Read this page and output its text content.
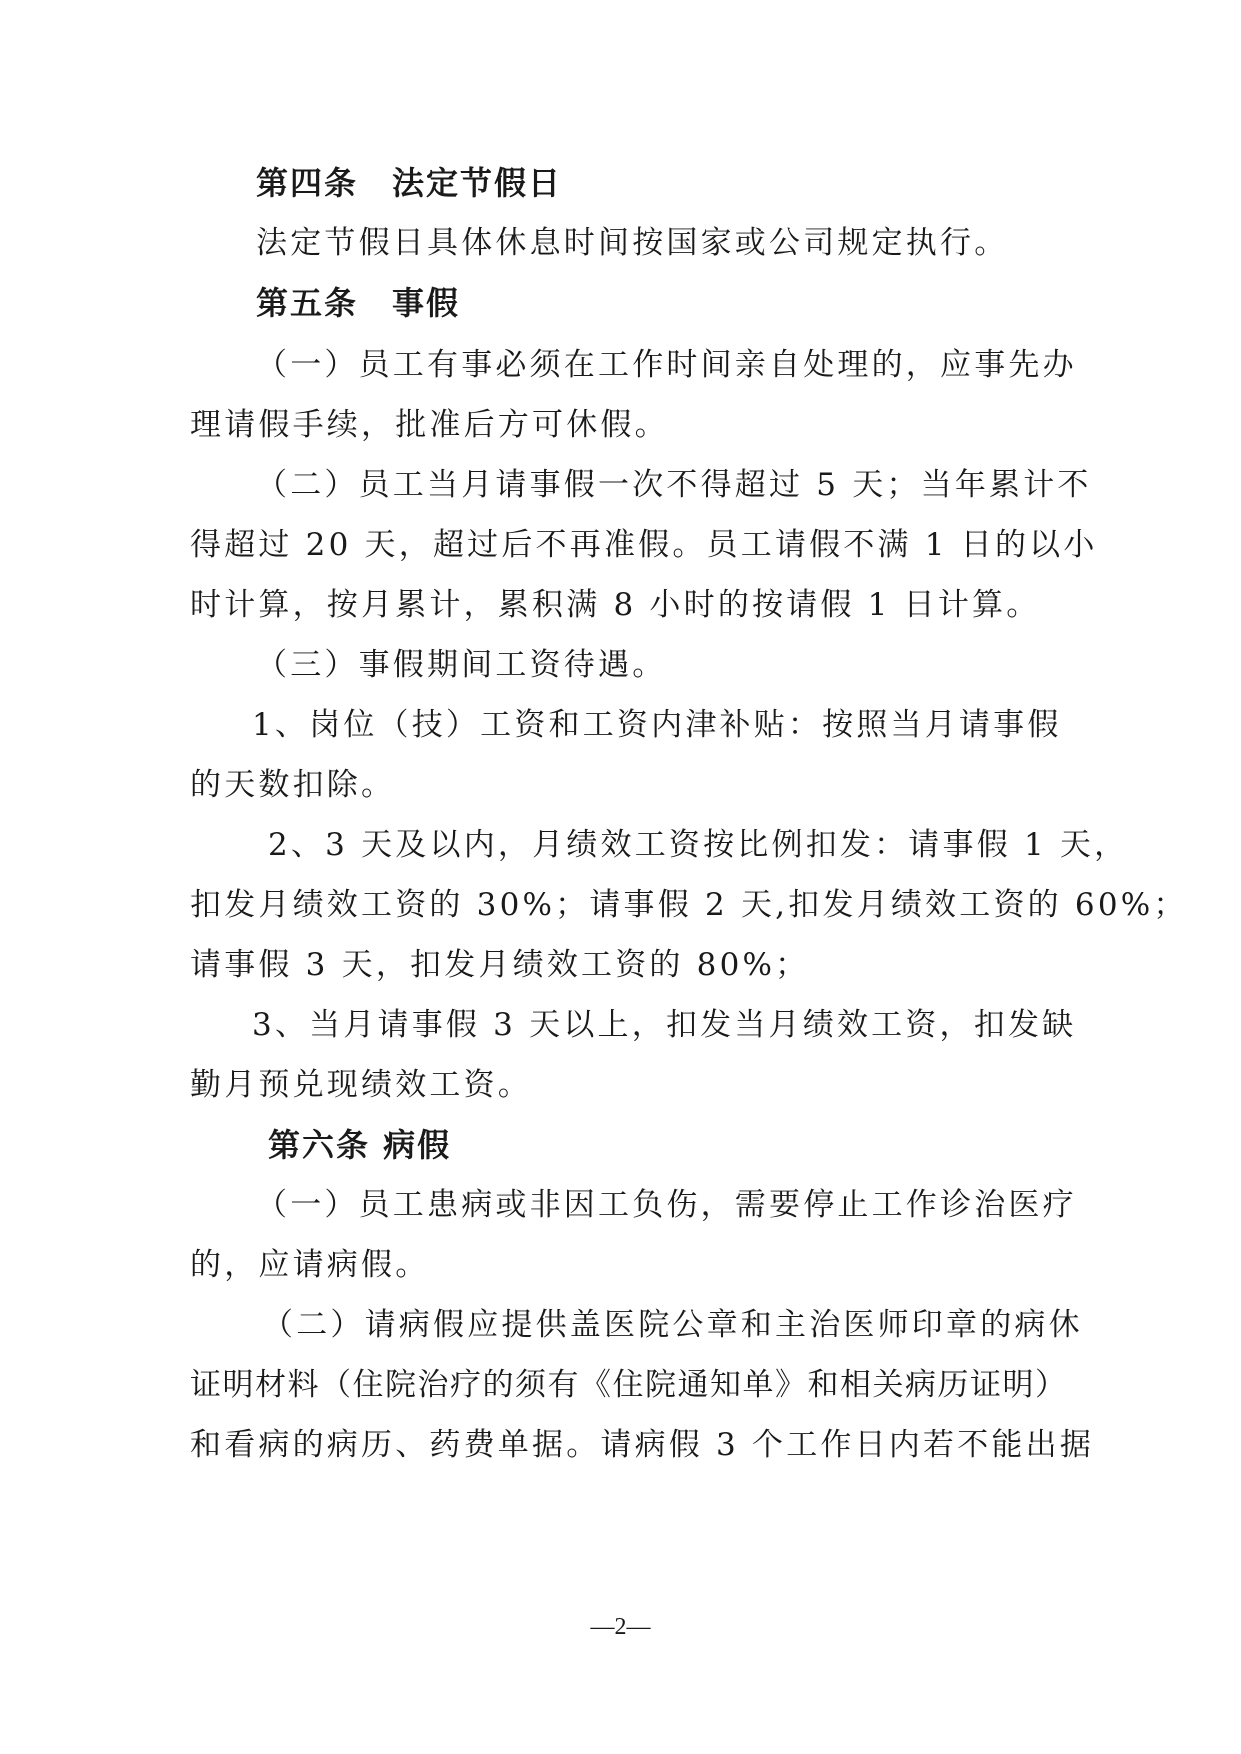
第四条　法定节假日
法定节假日具体休息时间按国家或公司规定执行。
第五条　事假
（一）员工有事必须在工作时间亲自处理的，应事先办
理请假手续，批准后方可休假。
（二）员工当月请事假一次不得超过 5 天；当年累计不
得超过 20 天，超过后不再准假。员工请假不满 1 日的以小
时计算，按月累计，累积满 8 小时的按请假 1 日计算。
（三）事假期间工资待遇。
1、岗位（技）工资和工资内津补贴：按照当月请事假
的天数扣除。
2、3 天及以内，月绩效工资按比例扣发：请事假 1 天，
扣发月绩效工资的 30%；请事假 2 天,扣发月绩效工资的 60%；
请事假 3 天，扣发月绩效工资的 80%；
3、当月请事假 3 天以上，扣发当月绩效工资，扣发缺
勤月预兑现绩效工资。
第六条 病假
（一）员工患病或非因工负伤，需要停止工作诊治医疗
的，应请病假。
（二）请病假应提供盖医院公章和主治医师印章的病休
证明材料（住院治疗的须有《住院通知单》和相关病历证明）
和看病的病历、药费单据。请病假 3 个工作日内若不能出据
—2—
